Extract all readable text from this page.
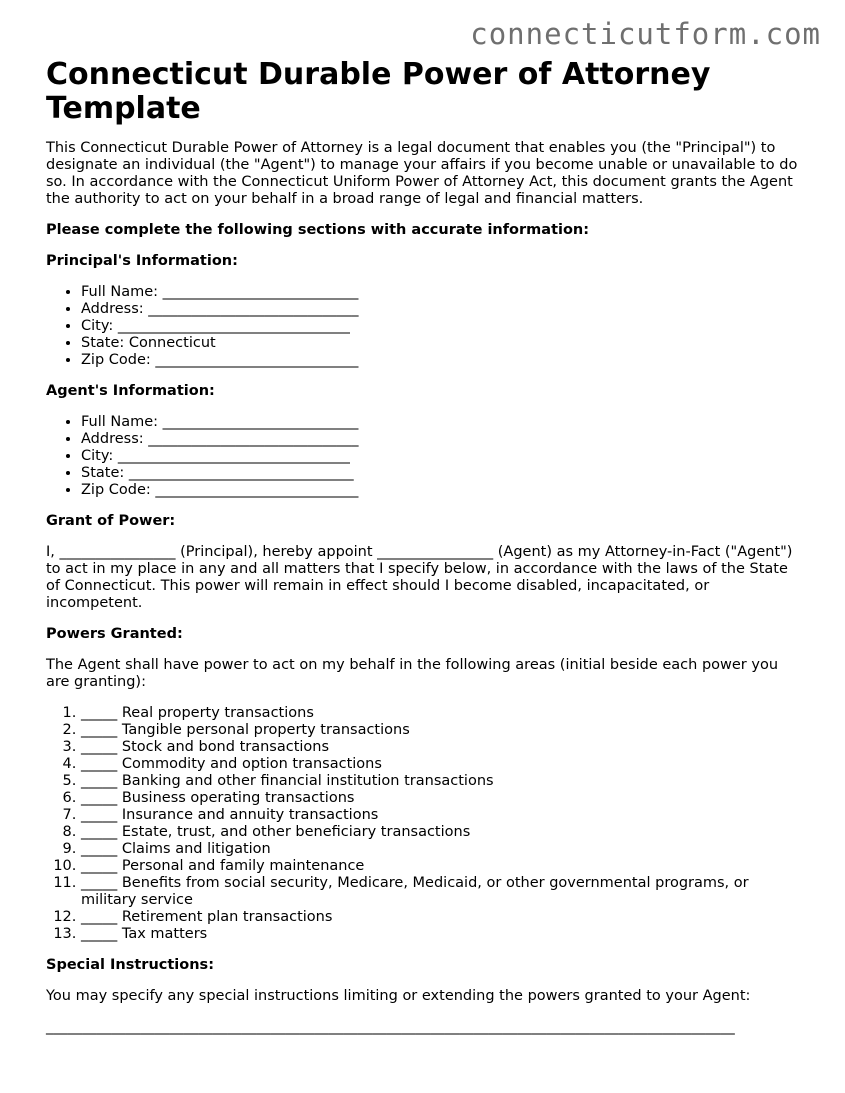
connecticutform.com

Connecticut Durable Power of Attorney Template

This Connecticut Durable Power of Attorney is a legal document that enables you (the "Principal") to designate an individual (the "Agent") to manage your affairs if you become unable or unavailable to do so. In accordance with the Connecticut Uniform Power of Attorney Act, this document grants the Agent the authority to act on your behalf in a broad range of legal and financial matters.

Please complete the following sections with accurate information:

Principal's Information:

• Full Name: ___________________________
• Address: _____________________________
• City: ________________________________
• State: Connecticut
• Zip Code: ____________________________

Agent's Information:

• Full Name: ___________________________
• Address: _____________________________
• City: ________________________________
• State: _______________________________
• Zip Code: ____________________________

Grant of Power:

I, ________________ (Principal), hereby appoint ________________ (Agent) as my Attorney-in-Fact ("Agent") to act in my place in any and all matters that I specify below, in accordance with the laws of the State of Connecticut. This power will remain in effect should I become disabled, incapacitated, or incompetent.

Powers Granted:

The Agent shall have power to act on my behalf in the following areas (initial beside each power you are granting):

1. _____ Real property transactions
2. _____ Tangible personal property transactions
3. _____ Stock and bond transactions
4. _____ Commodity and option transactions
5. _____ Banking and other financial institution transactions
6. _____ Business operating transactions
7. _____ Insurance and annuity transactions
8. _____ Estate, trust, and other beneficiary transactions
9. _____ Claims and litigation
10. _____ Personal and family maintenance
11. _____ Benefits from social security, Medicare, Medicaid, or other governmental programs, or military service
12. _____ Retirement plan transactions
13. _____ Tax matters

Special Instructions:

You may specify any special instructions limiting or extending the powers granted to your Agent:

_______________________________________________________________________________________________
